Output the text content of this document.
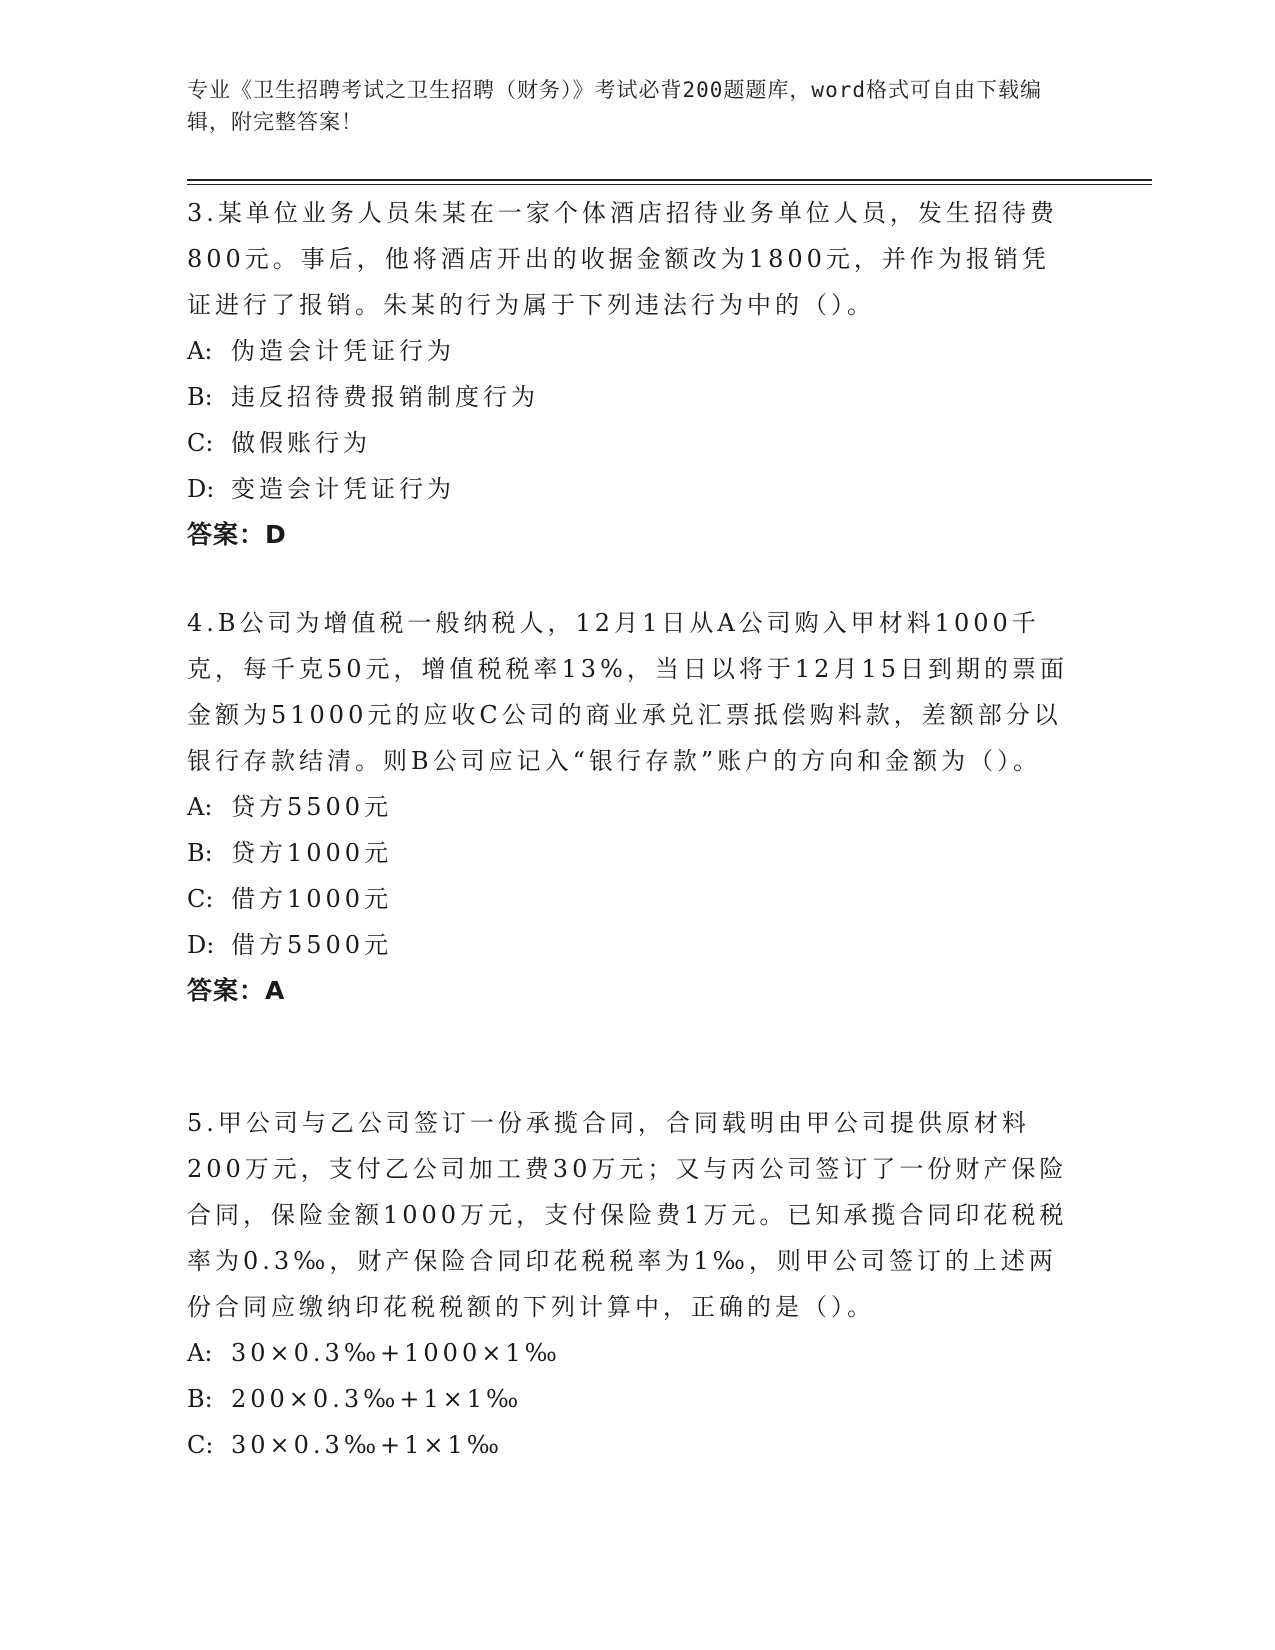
专业《卫生招聘考试之卫生招聘（财务）》考试必背200题题库，word格式可自由下载编辑，附完整答案！

3.某单位业务人员朱某在一家个体酒店招待业务单位人员，发生招待费800元。事后，他将酒店开出的收据金额改为1800元，并作为报销凭证进行了报销。朱某的行为属于下列违法行为中的（）。

A: 伪造会计凭证行为

B: 违反招待费报销制度行为

C: 做假账行为

D: 变造会计凭证行为

答案：D

4.B公司为增值税一般纳税人，12月1日从A公司购入甲材料1000千克，每千克50元，增值税税率13%，当日以将于12月15日到期的票面金额为51000元的应收C公司的商业承兑汇票抵偿购料款，差额部分以银行存款结清。则B公司应记入“银行存款”账户的方向和金额为（）。

A: 贷方5500元

B: 贷方1000元

C: 借方1000元

D: 借方5500元

答案：A

5.甲公司与乙公司签订一份承揽合同，合同载明由甲公司提供原材料200万元，支付乙公司加工费30万元；又与丙公司签订了一份财产保险合同，保险金额1000万元，支付保险费1万元。已知承揽合同印花税税率为0.3‰，财产保险合同印花税税率为1‰，则甲公司签订的上述两份合同应缴纳印花税税额的下列计算中，正确的是（）。

A: 30×0.3‰+1000×1‰

B: 200×0.3‰+1×1‰

C: 30×0.3‰+1×1‰
